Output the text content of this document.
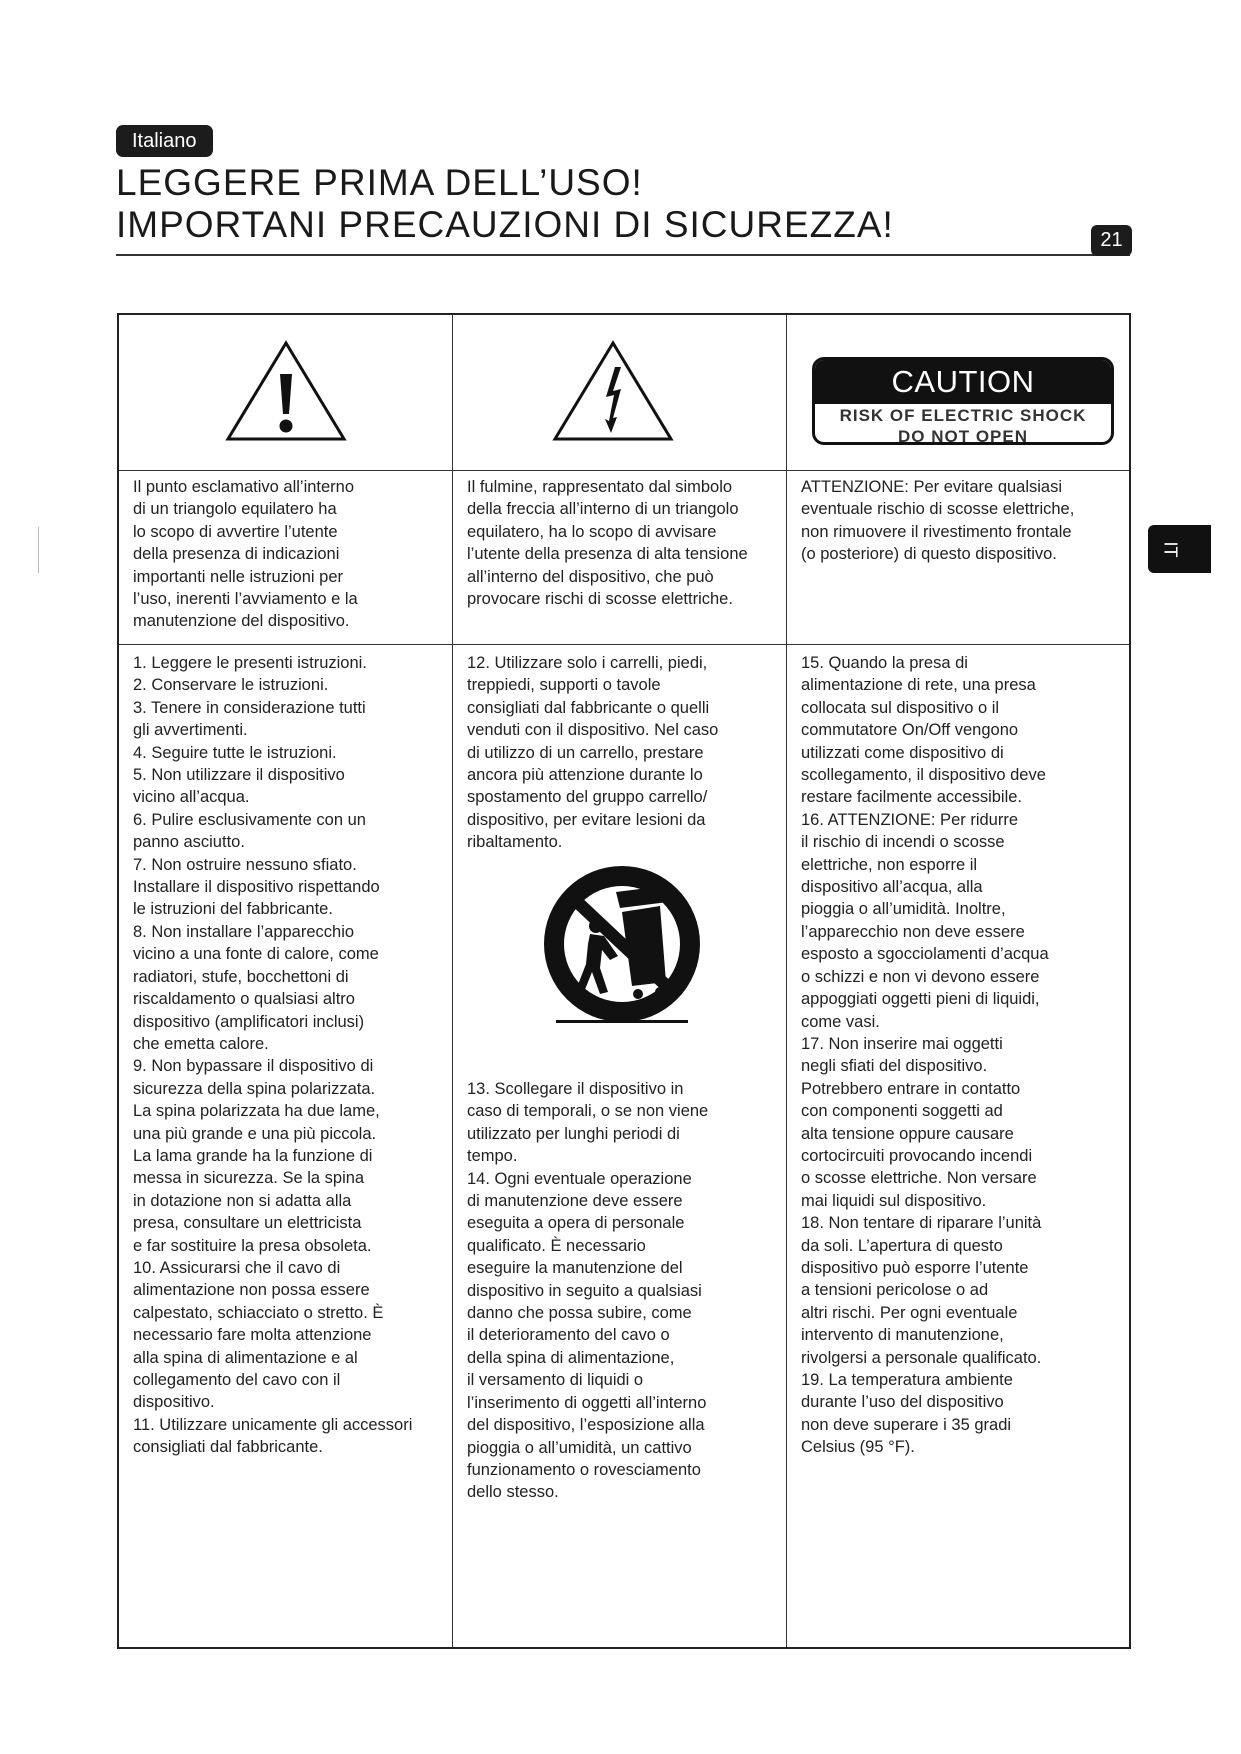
Italiano
LEGGERE PRIMA DELL’USO!
IMPORTANI PRECAUZIONI DI SICUREZZA!	21
IT
CAUTION
RISK OF ELECTRIC SHOCK
DO NOT OPEN
Il punto esclamativo all’interno
di un triangolo equilatero ha
lo scopo di avvertire l’utente
della presenza di indicazioni
importanti nelle istruzioni per
l’uso, inerenti l’avviamento e la
manutenzione del dispositivo.
Il fulmine, rappresentato dal simbolo
della freccia all’interno di un triangolo
equilatero, ha lo scopo di avvisare
l’utente della presenza di alta tensione
all’interno del dispositivo, che può
provocare rischi di scosse elettriche.
ATTENZIONE: Per evitare qualsiasi
eventuale rischio di scosse elettriche,
non rimuovere il rivestimento frontale
(o posteriore) di questo dispositivo.
1. Leggere le presenti istruzioni.
2. Conservare le istruzioni.
3. Tenere in considerazione tutti
gli avvertimenti.
4. Seguire tutte le istruzioni.
5. Non utilizzare il dispositivo
vicino all’acqua.
6. Pulire esclusivamente con un
panno asciutto.
7. Non ostruire nessuno sfiato.
Installare il dispositivo rispettando
le istruzioni del fabbricante.
8. Non installare l’apparecchio
vicino a una fonte di calore, come
radiatori, stufe, bocchettoni di
riscaldamento o qualsiasi altro
dispositivo (amplificatori inclusi)
che emetta calore.
9. Non bypassare il dispositivo di
sicurezza della spina polarizzata.
La spina polarizzata ha due lame,
una più grande e una più piccola.
La lama grande ha la funzione di
messa in sicurezza. Se la spina
in dotazione non si adatta alla
presa, consultare un elettricista
e far sostituire la presa obsoleta.
10. Assicurarsi che il cavo di
alimentazione non possa essere
calpestato, schiacciato o stretto. È
necessario fare molta attenzione
alla spina di alimentazione e al
collegamento del cavo con il
dispositivo.
11. Utilizzare unicamente gli accessori
consigliati dal fabbricante.
12. Utilizzare solo i carrelli, piedi,
treppiedi, supporti o tavole
consigliati dal fabbricante o quelli
venduti con il dispositivo. Nel caso
di utilizzo di un carrello, prestare
ancora più attenzione durante lo
spostamento del gruppo carrello/
dispositivo, per evitare lesioni da
ribaltamento.
13. Scollegare il dispositivo in
caso di temporali, o se non viene
utilizzato per lunghi periodi di
tempo.
14. Ogni eventuale operazione
di manutenzione deve essere
eseguita a opera di personale
qualificato. È necessario
eseguire la manutenzione del
dispositivo in seguito a qualsiasi
danno che possa subire, come
il deterioramento del cavo o
della spina di alimentazione,
il versamento di liquidi o
l’inserimento di oggetti all’interno
del dispositivo, l’esposizione alla
pioggia o all’umidità, un cattivo
funzionamento o rovesciamento
dello stesso.
15. Quando la presa di
alimentazione di rete, una presa
collocata sul dispositivo o il
commutatore On/Off vengono
utilizzati come dispositivo di
scollegamento, il dispositivo deve
restare facilmente accessibile.
16. ATTENZIONE: Per ridurre
il rischio di incendi o scosse
elettriche, non esporre il
dispositivo all’acqua, alla
pioggia o all’umidità. Inoltre,
l’apparecchio non deve essere
esposto a sgocciolamenti d’acqua
o schizzi e non vi devono essere
appoggiati oggetti pieni di liquidi,
come vasi.
17. Non inserire mai oggetti
negli sfiati del dispositivo.
Potrebbero entrare in contatto
con componenti soggetti ad
alta tensione oppure causare
cortocircuiti provocando incendi
o scosse elettriche. Non versare
mai liquidi sul dispositivo.
18. Non tentare di riparare l’unità
da soli. L’apertura di questo
dispositivo può esporre l’utente
a tensioni pericolose o ad
altri rischi. Per ogni eventuale
intervento di manutenzione,
rivolgersi a personale qualificato.
19. La temperatura ambiente
durante l’uso del dispositivo
non deve superare i 35 gradi
Celsius (95 °F).
